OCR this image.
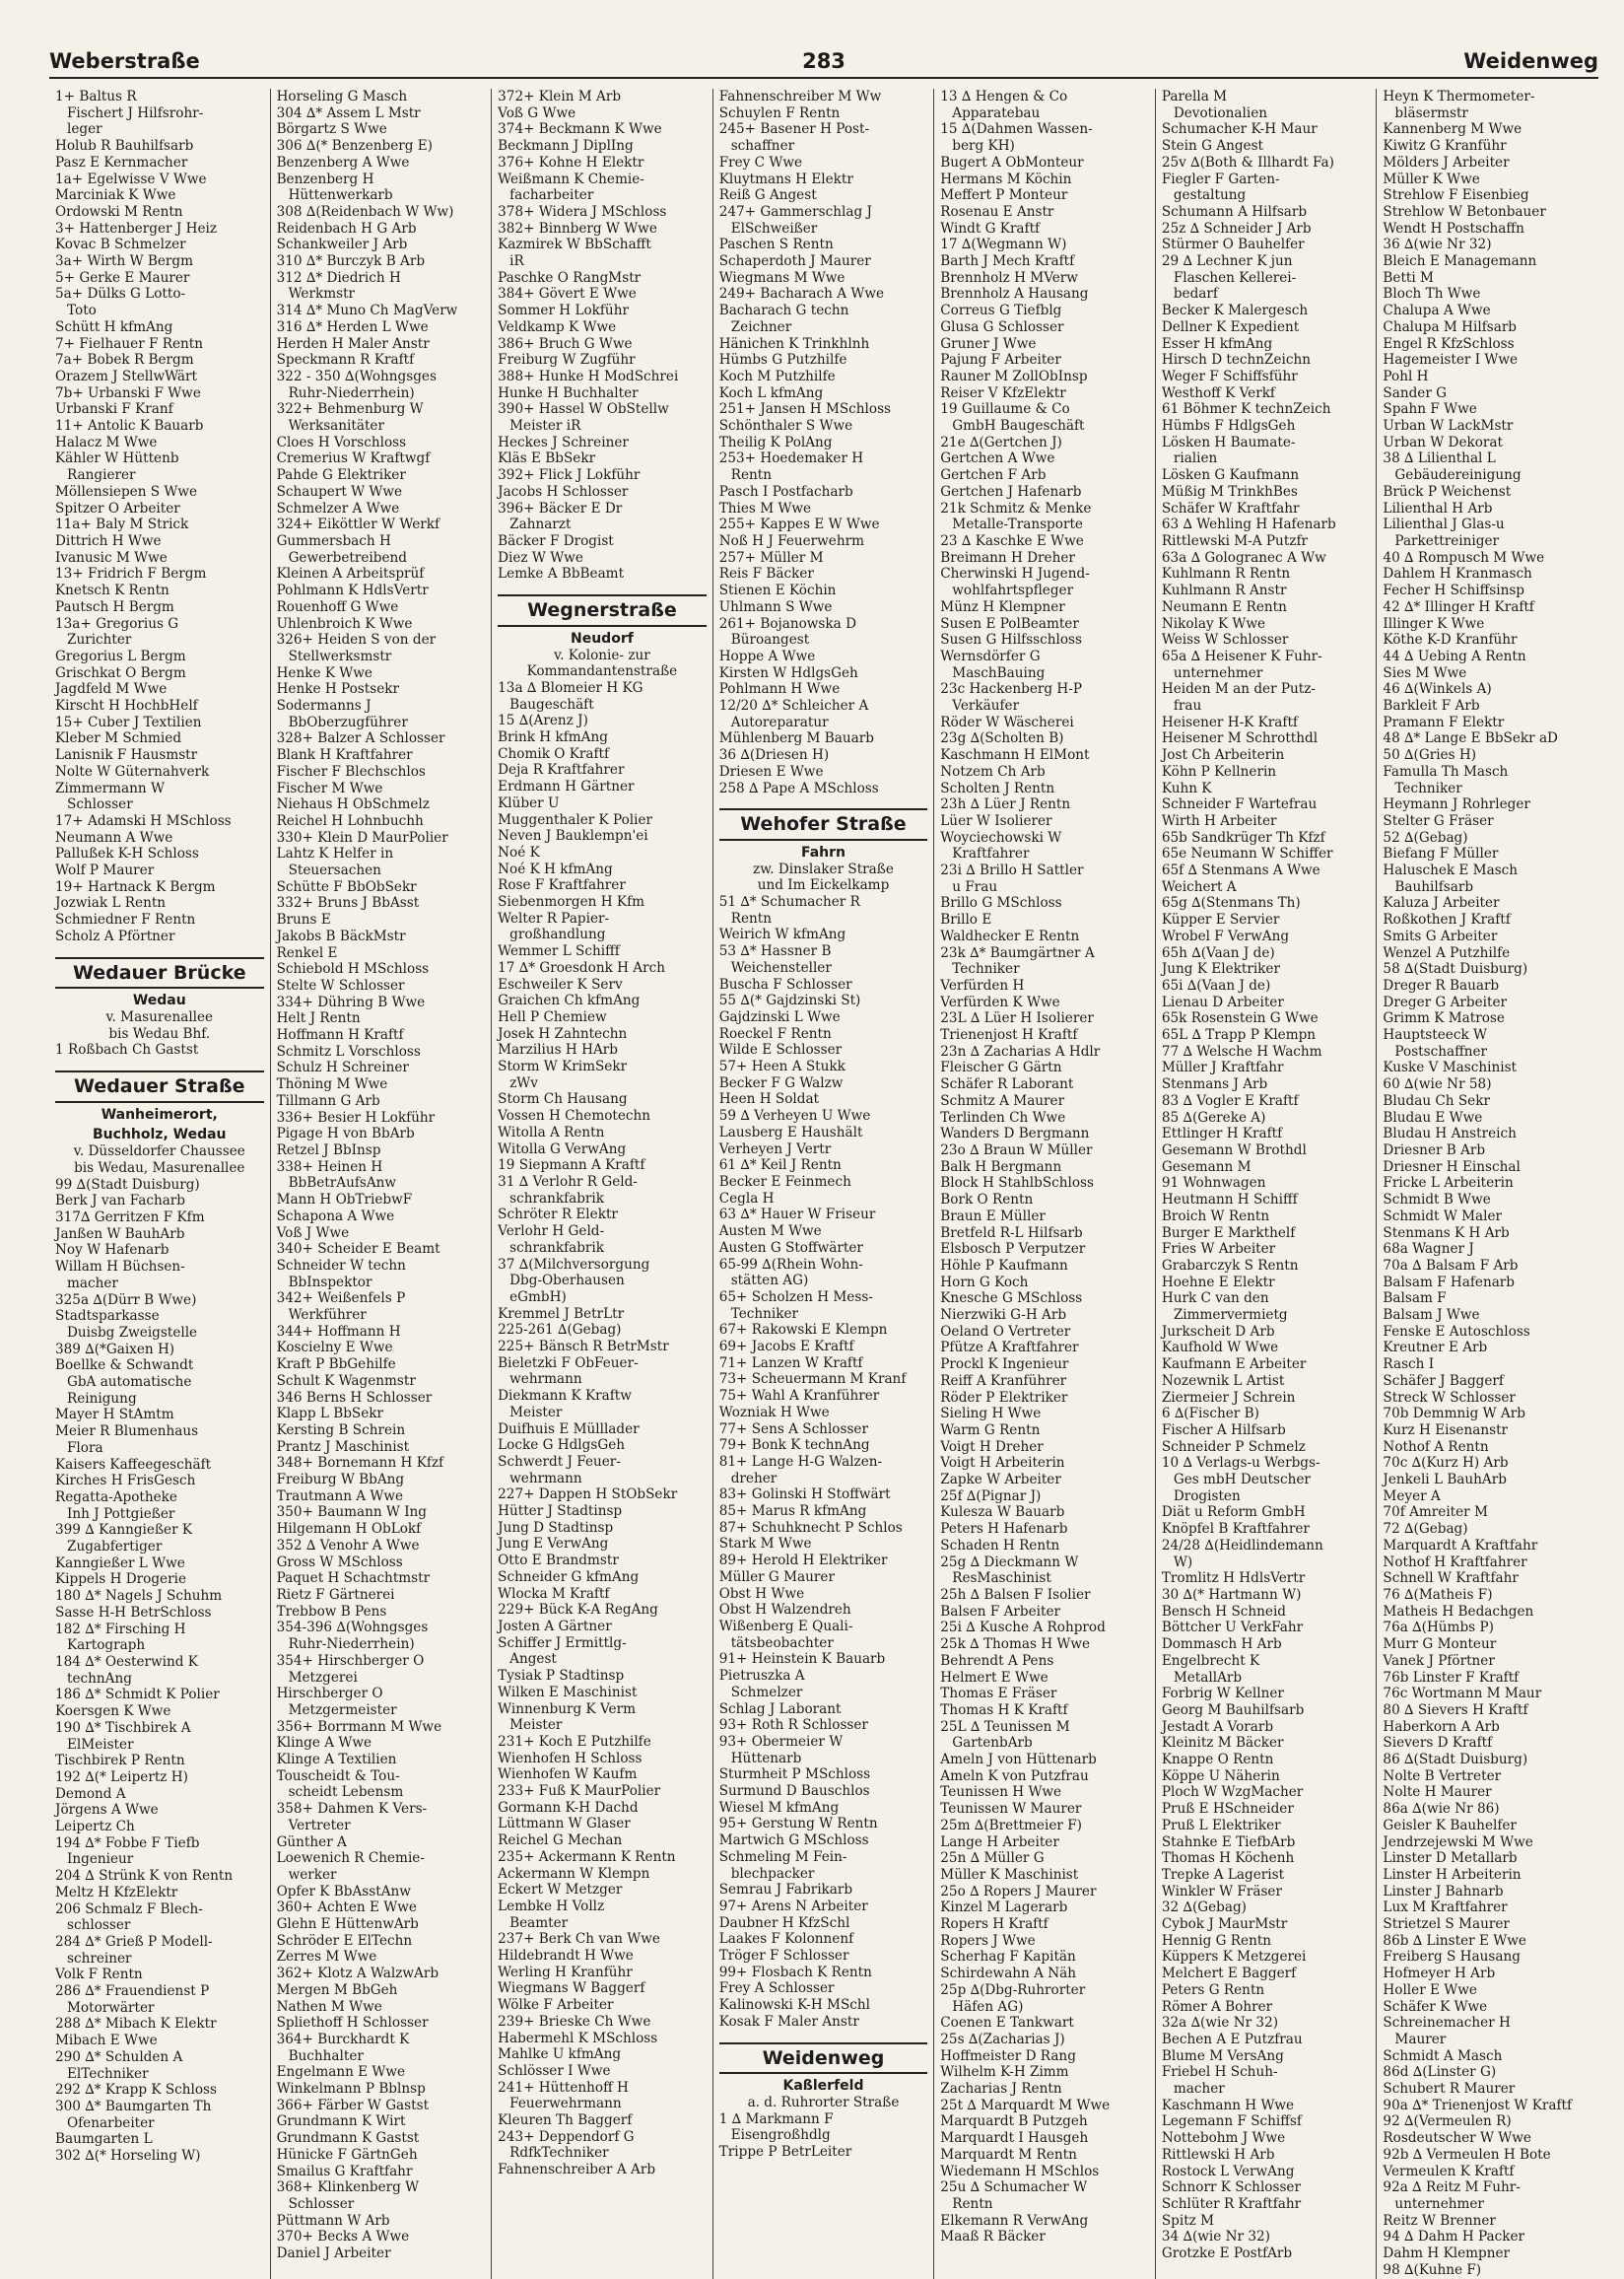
Weberstraße	283	Weidenweg
1+ Baltus R
Fischert J Hilfsrohr-
leger
Holub R Bauhilfsarb
Pasz E Kernmacher
1a+ Egelwisse V Wwe
Marciniak K Wwe
Ordowski M Rentn
3+ Hattenberger J Heiz
Kovac B Schmelzer
3a+ Wirth W Bergm
5+ Gerke E Maurer
5a+ Dülks G Lotto-
Toto
Schütt H kfmAng
7+ Fielhauer F Rentn
7a+ Bobek R Bergm
Orazem J StellwWärt
7b+ Urbanski F Wwe
Urbanski F Kranf
11+ Antolic K Bauarb
Halacz M Wwe
Kähler W Hüttenb
Rangierer
Möllensiepen S Wwe
Spitzer O Arbeiter
11a+ Baly M Strick
Dittrich H Wwe
Ivanusic M Wwe
13+ Fridrich F Bergm
Knetsch K Rentn
Pautsch H Bergm
13a+ Gregorius G
Zurichter
Gregorius L Bergm
Grischkat O Bergm
Jagdfeld M Wwe
Kirscht H HochbHelf
15+ Cuber J Textilien
Kleber M Schmied
Lanisnik F Hausmstr
Nolte W Güternahverk
Zimmermann W
Schlosser
17+ Adamski H MSchloss
Neumann A Wwe
Pallußek K-H Schloss
Wolf P Maurer
19+ Hartnack K Bergm
Jozwiak L Rentn
Schmiedner F Rentn
Scholz A Pförtner
Wedauer Brücke
Wedau
v. Masurenallee
bis Wedau Bhf.
1 Roßbach Ch Gastst
Wedauer Straße
Wanheimerort,
Buchholz, Wedau
v. Düsseldorfer Chaussee
bis Wedau, Masurenallee
99 ∆(Stadt Duisburg)
Berk J van Facharb
317∆ Gerritzen F Kfm
Janßen W BauhArb
Noy W Hafenarb
Willam H Büchsen-
macher
325a ∆(Dürr B Wwe)
Stadtsparkasse
Duisbg Zweigstelle
389 ∆(*Gaixen H)
Boellke & Schwandt
GbA automatische
Reinigung
Mayer H StAmtm
Meier R Blumenhaus
Flora
Kaisers Kaffeegeschäft
Kirches H FrisGesch
Regatta-Apotheke
Inh J Pottgießer
399 ∆ Kanngießer K
Zugabfertiger
Kanngießer L Wwe
Kippels H Drogerie
180 ∆* Nagels J Schuhm
Sasse H-H BetrSchloss
182 ∆* Firsching H
Kartograph
184 ∆* Oesterwind K
technAng
186 ∆* Schmidt K Polier
Koersgen K Wwe
190 ∆* Tischbirek A
ElMeister
Tischbirek P Rentn
192 ∆(* Leipertz H)
Demond A
Jörgens A Wwe
Leipertz Ch
194 ∆* Fobbe F Tiefb
Ingenieur
204 ∆ Strünk K von Rentn
Meltz H KfzElektr
206 Schmalz F Blech-
schlosser
284 ∆* Grieß P Modell-
schreiner
Volk F Rentn
286 ∆* Frauendienst P
Motorwärter
288 ∆* Mibach K Elektr
Mibach E Wwe
290 ∆* Schulden A
ElTechniker
292 ∆* Krapp K Schloss
300 ∆* Baumgarten Th
Ofenarbeiter
Baumgarten L
302 ∆(* Horseling W)
Horseling G Masch
304 ∆* Assem L Mstr
Börgartz S Wwe
306 ∆(* Benzenberg E)
Benzenberg A Wwe
Benzenberg H
Hüttenwerkarb
308 ∆(Reidenbach W Ww)
Reidenbach H G Arb
Schankweiler J Arb
310 ∆* Burczyk B Arb
312 ∆* Diedrich H
Werkmstr
314 ∆* Muno Ch MagVerw
316 ∆* Herden L Wwe
Herden H Maler Anstr
Speckmann R Kraftf
322 - 350 ∆(Wohngsges
Ruhr-Niederrhein)
322+ Behmenburg W
Werksanitäter
Cloes H Vorschloss
Cremerius W Kraftwgf
Pahde G Elektriker
Schaupert W Wwe
Schmelzer A Wwe
324+ Eiköttler W Werkf
Gummersbach H
Gewerbetreibend
Kleinen A Arbeitsprüf
Pohlmann K HdlsVertr
Rouenhoff G Wwe
Uhlenbroich K Wwe
326+ Heiden S von der
Stellwerksmstr
Henke K Wwe
Henke H Postsekr
Sodermanns J
BbOberzugführer
328+ Balzer A Schlosser
Blank H Kraftfahrer
Fischer F Blechschlos
Fischer M Wwe
Niehaus H ObSchmelz
Reichel H Lohnbuchh
330+ Klein D MaurPolier
Lahtz K Helfer in
Steuersachen
Schütte F BbObSekr
332+ Bruns J BbAsst
Bruns E
Jakobs B BäckMstr
Renkel E
Schiebold H MSchloss
Stelte W Schlosser
334+ Dühring B Wwe
Helt J Rentn
Hoffmann H Kraftf
Schmitz L Vorschloss
Schulz H Schreiner
Thöning M Wwe
Tillmann G Arb
336+ Besier H Lokführ
Pigage H von BbArb
Retzel J BbInsp
338+ Heinen H
BbBetrAufsAnw
Mann H ObTriebwF
Schapona A Wwe
Voß J Wwe
340+ Scheider E Beamt
Schneider W techn
BbInspektor
342+ Weißenfels P
Werkführer
344+ Hoffmann H
Koscielny E Wwe
Kraft P BbGehilfe
Schult K Wagenmstr
346 Berns H Schlosser
Klapp L BbSekr
Kersting B Schrein
Prantz J Maschinist
348+ Bornemann H Kfzf
Freiburg W BbAng
Trautmann A Wwe
350+ Baumann W Ing
Hilgemann H ObLokf
352 ∆ Venohr A Wwe
Gross W MSchloss
Paquet H Schachtmstr
Rietz F Gärtnerei
Trebbow B Pens
354-396 ∆(Wohngsges
Ruhr-Niederrhein)
354+ Hirschberger O
Metzgerei
Hirschberger O
Metzgermeister
356+ Borrmann M Wwe
Klinge A Wwe
Klinge A Textilien
Touscheidt & Tou-
scheidt Lebensm
358+ Dahmen K Vers-
Vertreter
Günther A
Loewenich R Chemie-
werker
Opfer K BbAsstAnw
360+ Achten E Wwe
Glehn E HüttenwArb
Schröder E ElTechn
Zerres M Wwe
362+ Klotz A WalzwArb
Mergen M BbGeh
Nathen M Wwe
Spliethoff H Schlosser
364+ Burckhardt K
Buchhalter
Engelmann E Wwe
Winkelmann P Bblnsp
366+ Färber W Gastst
Grundmann K Wirt
Grundmann K Gastst
Hünicke F GärtnGeh
Smailus G Kraftfahr
368+ Klinkenberg W
Schlosser
Püttmann W Arb
370+ Becks A Wwe
Daniel J Arbeiter
372+ Klein M Arb
Voß G Wwe
374+ Beckmann K Wwe
Beckmann J DiplIng
376+ Kohne H Elektr
Weißmann K Chemie-
facharbeiter
378+ Widera J MSchloss
382+ Binnberg W Wwe
Kazmirek W BbSchafft
iR
Paschke O RangMstr
384+ Gövert E Wwe
Sommer H Lokführ
Veldkamp K Wwe
386+ Bruch G Wwe
Freiburg W Zugführ
388+ Hunke H ModSchrei
Hunke H Buchhalter
390+ Hassel W ObStellw
Meister iR
Heckes J Schreiner
Kläs E BbSekr
392+ Flick J Lokführ
Jacobs H Schlosser
396+ Bäcker E Dr
Zahnarzt
Bäcker F Drogist
Diez W Wwe
Lemke A BbBeamt
Wegnerstraße
Neudorf
v. Kolonie- zur
Kommandantenstraße
13a ∆ Blomeier H KG
Baugeschäft
15 ∆(Arenz J)
Brink H kfmAng
Chomik O Kraftf
Deja R Kraftfahrer
Erdmann H Gärtner
Klüber U
Muggenthaler K Polier
Neven J Bauklempn'ei
Noé K
Noé K H kfmAng
Rose F Kraftfahrer
Siebenmorgen H Kfm
Welter R Papier-
großhandlung
Wemmer L Schifff
17 ∆* Groesdonk H Arch
Eschweiler K Serv
Graichen Ch kfmAng
Hell P Chemiew
Josek H Zahntechn
Marzilius H HArb
Storm W KrimSekr
zWv
Storm Ch Hausang
Vossen H Chemotechn
Witolla A Rentn
Witolla G VerwAng
19 Siepmann A Kraftf
31 ∆ Verlohr R Geld-
schrankfabrik
Schröter R Elektr
Verlohr H Geld-
schrankfabrik
37 ∆(Milchversorgung
Dbg-Oberhausen
eGmbH)
Kremmel J BetrLtr
225-261 ∆(Gebag)
225+ Bänsch R BetrMstr
Bieletzki F ObFeuer-
wehrmann
Diekmann K Kraftw
Meister
Duifhuis E Mülllader
Locke G HdlgsGeh
Schwerdt J Feuer-
wehrmann
227+ Dappen H StObSekr
Hütter J Stadtinsp
Jung D Stadtinsp
Jung E VerwAng
Otto E Brandmstr
Schneider G kfmAng
Wlocka M Kraftf
229+ Bück K-A RegAng
Josten A Gärtner
Schiffer J Ermittlg-
Angest
Tysiak P Stadtinsp
Wilken E Maschinist
Winnenburg K Verm
Meister
231+ Koch E Putzhilfe
Wienhofen H Schloss
Wienhofen W Kaufm
233+ Fuß K MaurPolier
Gormann K-H Dachd
Lüttmann W Glaser
Reichel G Mechan
235+ Ackermann K Rentn
Ackermann W Klempn
Eckert W Metzger
Lembke H Vollz
Beamter
237+ Berk Ch van Wwe
Hildebrandt H Wwe
Werling H Kranführ
Wiegmans W Baggerf
Wölke F Arbeiter
239+ Brieske Ch Wwe
Habermehl K MSchloss
Mahlke U kfmAng
Schlösser I Wwe
241+ Hüttenhoff H
Feuerwehrmann
Kleuren Th Baggerf
243+ Deppendorf G
RdfkTechniker
Fahnenschreiber A Arb
Fahnenschreiber M Ww
Schuylen F Rentn
245+ Basener H Post-
schaffner
Frey C Wwe
Kluytmans H Elektr
Reiß G Angest
247+ Gammerschlag J
ElSchweißer
Paschen S Rentn
Schaperdoth J Maurer
Wiegmans M Wwe
249+ Bacharach A Wwe
Bacharach G techn
Zeichner
Hänichen K Trinkhlnh
Hümbs G Putzhilfe
Koch M Putzhilfe
Koch L kfmAng
251+ Jansen H MSchloss
Schönthaler S Wwe
Theilig K PolAng
253+ Hoedemaker H
Rentn
Pasch I Postfacharb
Thies M Wwe
255+ Kappes E W Wwe
Noß H J Feuerwehrm
257+ Müller M
Reis F Bäcker
Stienen E Köchin
Uhlmann S Wwe
261+ Bojanowska D
Büroangest
Hoppe A Wwe
Kirsten W HdlgsGeh
Pohlmann H Wwe
12/20 ∆* Schleicher A
Autoreparatur
Mühlenberg M Bauarb
36 ∆(Driesen H)
Driesen E Wwe
258 ∆ Pape A MSchloss
Wehofer Straße
Fahrn
zw. Dinslaker Straße
und Im Eickelkamp
51 ∆* Schumacher R
Rentn
Weirich W kfmAng
53 ∆* Hassner B
Weichensteller
Buscha F Schlosser
55 ∆(* Gajdzinski St)
Gajdzinski L Wwe
Roeckel F Rentn
Wilde E Schlosser
57+ Heen A Stukk
Becker F G Walzw
Heen H Soldat
59 ∆ Verheyen U Wwe
Lausberg E Haushält
Verheyen J Vertr
61 ∆* Keil J Rentn
Becker E Feinmech
Cegla H
63 ∆* Hauer W Friseur
Austen M Wwe
Austen G Stoffwärter
65-99 ∆(Rhein Wohn-
stätten AG)
65+ Scholzen H Mess-
Techniker
67+ Rakowski E Klempn
69+ Jacobs E Kraftf
71+ Lanzen W Kraftf
73+ Scheuermann M Kranf
75+ Wahl A Kranführer
Wozniak H Wwe
77+ Sens A Schlosser
79+ Bonk K technAng
81+ Lange H-G Walzen-
dreher
83+ Golinski H Stoffwärt
85+ Marus R kfmAng
87+ Schuhknecht P Schlos
Stark M Wwe
89+ Herold H Elektriker
Müller G Maurer
Obst H Wwe
Obst H Walzendreh
Wißenberg E Quali-
tätsbeobachter
91+ Heinstein K Bauarb
Pietruszka A
Schmelzer
Schlag J Laborant
93+ Roth R Schlosser
93+ Obermeier W
Hüttenarb
Sturmheit P MSchloss
Surmund D Bauschlos
Wiesel M kfmAng
95+ Gerstung W Rentn
Martwich G MSchloss
Schmeling M Fein-
blechpacker
Semrau J Fabrikarb
97+ Arens N Arbeiter
Daubner H KfzSchl
Laakes F Kolonnenf
Tröger F Schlosser
99+ Flosbach K Rentn
Frey A Schlosser
Kalinowski K-H MSchl
Kosak F Maler Anstr
Weidenweg
Kaßlerfeld
a. d. Ruhrorter Straße
1 ∆ Markmann F
Eisengroßhdlg
Trippe P BetrLeiter
13 ∆ Hengen & Co
Apparatebau
15 ∆(Dahmen Wassen-
berg KH)
Bugert A ObMonteur
Hermans M Köchin
Meffert P Monteur
Rosenau E Anstr
Windt G Kraftf
17 ∆(Wegmann W)
Barth J Mech Kraftf
Brennholz H MVerw
Brennholz A Hausang
Correus G Tiefblg
Glusa G Schlosser
Gruner J Wwe
Pajung F Arbeiter
Rauner M ZollObInsp
Reiser V KfzElektr
19 Guillaume & Co
GmbH Baugeschäft
21e ∆(Gertchen J)
Gertchen A Wwe
Gertchen F Arb
Gertchen J Hafenarb
21k Schmitz & Menke
Metalle-Transporte
23 ∆ Kaschke E Wwe
Breimann H Dreher
Cherwinski H Jugend-
wohlfahrtspfleger
Münz H Klempner
Susen E PolBeamter
Susen G Hilfsschloss
Wernsdörfer G
MaschBauing
23c Hackenberg H-P
Verkäufer
Röder W Wäscherei
23g ∆(Scholten B)
Kaschmann H ElMont
Notzem Ch Arb
Scholten J Rentn
23h ∆ Lüer J Rentn
Lüer W Isolierer
Woyciechowski W
Kraftfahrer
23i ∆ Brillo H Sattler
u Frau
Brillo G MSchloss
Brillo E
Waldhecker E Rentn
23k ∆* Baumgärtner A
Techniker
Verfürden H
Verfürden K Wwe
23L ∆ Lüer H Isolierer
Trienenjost H Kraftf
23n ∆ Zacharias A Hdlr
Fleischer G Gärtn
Schäfer R Laborant
Schmitz A Maurer
Terlinden Ch Wwe
Wanders D Bergmann
23o ∆ Braun W Müller
Balk H Bergmann
Block H StahlbSchloss
Bork O Rentn
Braun E Müller
Bretfeld R-L Hilfsarb
Elsbosch P Verputzer
Höhle P Kaufmann
Horn G Koch
Knesche G MSchloss
Nierzwiki G-H Arb
Oeland O Vertreter
Pfütze A Kraftfahrer
Prockl K Ingenieur
Reiff A Kranführer
Röder P Elektriker
Sieling H Wwe
Warm G Rentn
Voigt H Dreher
Voigt H Arbeiterin
Zapke W Arbeiter
25f ∆(Pignar J)
Kulesza W Bauarb
Peters H Hafenarb
Schaden H Rentn
25g ∆ Dieckmann W
ResMaschinist
25h ∆ Balsen F Isolier
Balsen F Arbeiter
25i ∆ Kusche A Rohprod
25k ∆ Thomas H Wwe
Behrendt A Pens
Helmert E Wwe
Thomas E Fräser
Thomas H K Kraftf
25L ∆ Teunissen M
GartenbArb
Ameln J von Hüttenarb
Ameln K von Putzfrau
Teunissen H Wwe
Teunissen W Maurer
25m ∆(Brettmeier F)
Lange H Arbeiter
25n ∆ Müller G
Müller K Maschinist
25o ∆ Ropers J Maurer
Kinzel M Lagerarb
Ropers H Kraftf
Ropers J Wwe
Scherhag F Kapitän
Schirdewahn A Näh
25p ∆(Dbg-Ruhrorter
Häfen AG)
Coenen E Tankwart
25s ∆(Zacharias J)
Hoffmeister D Rang
Wilhelm K-H Zimm
Zacharias J Rentn
25t ∆ Marquardt M Wwe
Marquardt B Putzgeh
Marquardt I Hausgeh
Marquardt M Rentn
Wiedemann H MSchlos
25u ∆ Schumacher W
Rentn
Elkemann R VerwAng
Maaß R Bäcker
Parella M
Devotionalien
Schumacher K-H Maur
Stein G Angest
25v ∆(Both & Illhardt Fa)
Fiegler F Garten-
gestaltung
Schumann A Hilfsarb
25z ∆ Schneider J Arb
Stürmer O Bauhelfer
29 ∆ Lechner K jun
Flaschen Kellerei-
bedarf
Becker K Malergesch
Dellner K Expedient
Esser H kfmAng
Hirsch D technZeichn
Weger F Schiffsführ
Westhoff K Verkf
61 Böhmer K technZeich
Hümbs F HdlgsGeh
Lösken H Baumate-
rialien
Lösken G Kaufmann
Müßig M TrinkhBes
Schäfer W Kraftfahr
63 ∆ Wehling H Hafenarb
Rittlewski M-A Putzfr
63a ∆ Gologranec A Ww
Kuhlmann R Rentn
Kuhlmann R Anstr
Neumann E Rentn
Nikolay K Wwe
Weiss W Schlosser
65a ∆ Heisener K Fuhr-
unternehmer
Heiden M an der Putz-
frau
Heisener H-K Kraftf
Heisener M Schrotthdl
Jost Ch Arbeiterin
Köhn P Kellnerin
Kuhn K
Schneider F Wartefrau
Wirth H Arbeiter
65b Sandkrüger Th Kfzf
65e Neumann W Schiffer
65f ∆ Stenmans A Wwe
Weichert A
65g ∆(Stenmans Th)
Küpper E Servier
Wrobel F VerwAng
65h ∆(Vaan J de)
Jung K Elektriker
65i ∆(Vaan J de)
Lienau D Arbeiter
65k Rosenstein G Wwe
65L ∆ Trapp P Klempn
77 ∆ Welsche H Wachm
Müller J Kraftfahr
Stenmans J Arb
83 ∆ Vogler E Kraftf
85 ∆(Gereke A)
Ettlinger H Kraftf
Gesemann W Brothdl
Gesemann M
91 Wohnwagen
Heutmann H Schifff
Broich W Rentn
Burger E Markthelf
Fries W Arbeiter
Grabarczyk S Rentn
Hoehne E Elektr
Hurk C van den
Zimmervermietg
Jurkscheit D Arb
Kaufhold W Wwe
Kaufmann E Arbeiter
Nozewnik L Artist
Ziermeier J Schrein
6 ∆(Fischer B)
Fischer A Hilfsarb
Schneider P Schmelz
10 ∆ Verlags-u Werbgs-
Ges mbH Deutscher
Drogisten
Diät u Reform GmbH
Knöpfel B Kraftfahrer
24/28 ∆(Heidlindemann
W)
Tromlitz H HdlsVertr
30 ∆(* Hartmann W)
Bensch H Schneid
Böttcher U VerkFahr
Dommasch H Arb
Engelbrecht K
MetallArb
Forbrig W Kellner
Georg M Bauhilfsarb
Jestadt A Vorarb
Kleinitz M Bäcker
Knappe O Rentn
Köppe U Näherin
Ploch W WzgMacher
Pruß E HSchneider
Pruß L Elektriker
Stahnke E TiefbArb
Thomas H Köchenh
Trepke A Lagerist
Winkler W Fräser
32 ∆(Gebag)
Cybok J MaurMstr
Hennig G Rentn
Küppers K Metzgerei
Melchert E Baggerf
Peters G Rentn
Römer A Bohrer
32a ∆(wie Nr 32)
Bechen A E Putzfrau
Blume M VersAng
Friebel H Schuh-
macher
Kaschmann H Wwe
Legemann F Schiffsf
Nottebohm J Wwe
Rittlewski H Arb
Rostock L VerwAng
Schnorr K Schlosser
Schlüter R Kraftfahr
Spitz M
34 ∆(wie Nr 32)
Grotzke E PostfArb
Heyn K Thermometer-
bläsermstr
Kannenberg M Wwe
Kiwitz G Kranführ
Mölders J Arbeiter
Müller K Wwe
Strehlow F Eisenbieg
Strehlow W Betonbauer
Wendt H Postschaffn
36 ∆(wie Nr 32)
Bleich E Managemann
Betti M
Bloch Th Wwe
Chalupa A Wwe
Chalupa M Hilfsarb
Engel R KfzSchloss
Hagemeister I Wwe
Pohl H
Sander G
Spahn F Wwe
Urban W LackMstr
Urban W Dekorat
38 ∆ Lilienthal L
Gebäudereinigung
Brück P Weichenst
Lilienthal H Arb
Lilienthal J Glas-u
Parkettreiniger
40 ∆ Rompusch M Wwe
Dahlem H Kranmasch
Fecher H Schiffsinsp
42 ∆* Illinger H Kraftf
Illinger K Wwe
Köthe K-D Kranführ
44 ∆ Uebing A Rentn
Sies M Wwe
46 ∆(Winkels A)
Barkleit F Arb
Pramann F Elektr
48 ∆* Lange E BbSekr aD
50 ∆(Gries H)
Famulla Th Masch
Techniker
Heymann J Rohrleger
Stelter G Fräser
52 ∆(Gebag)
Biefang F Müller
Haluschek E Masch
Bauhilfsarb
Kaluza J Arbeiter
Roßkothen J Kraftf
Smits G Arbeiter
Wenzel A Putzhilfe
58 ∆(Stadt Duisburg)
Dreger R Bauarb
Dreger G Arbeiter
Grimm K Matrose
Hauptsteeck W
Postschaffner
Kuske V Maschinist
60 ∆(wie Nr 58)
Bludau Ch Sekr
Bludau E Wwe
Bludau H Anstreich
Driesner B Arb
Driesner H Einschal
Fricke L Arbeiterin
Schmidt B Wwe
Schmidt W Maler
Stenmans K H Arb
68a Wagner J
70a ∆ Balsam F Arb
Balsam F Hafenarb
Balsam F
Balsam J Wwe
Fenske E Autoschloss
Kreutner E Arb
Rasch I
Schäfer J Baggerf
Streck W Schlosser
70b Demmnig W Arb
Kurz H Eisenanstr
Nothof A Rentn
70c ∆(Kurz H) Arb
Jenkeli L BauhArb
Meyer A
70f Amreiter M
72 ∆(Gebag)
Marquardt A Kraftfahr
Nothof H Kraftfahrer
Schnell W Kraftfahr
76 ∆(Matheis F)
Matheis H Bedachgen
76a ∆(Hümbs P)
Murr G Monteur
Vanek J Pförtner
76b Linster F Kraftf
76c Wortmann M Maur
80 ∆ Sievers H Kraftf
Haberkorn A Arb
Sievers D Kraftf
86 ∆(Stadt Duisburg)
Nolte B Vertreter
Nolte H Maurer
86a ∆(wie Nr 86)
Geisler K Bauhelfer
Jendrzejewski M Wwe
Linster D Metallarb
Linster H Arbeiterin
Linster J Bahnarb
Lux M Kraftfahrer
Strietzel S Maurer
86b ∆ Linster E Wwe
Freiberg S Hausang
Hofmeyer H Arb
Holler E Wwe
Schäfer K Wwe
Schreinemacher H
Maurer
Schmidt A Masch
86d ∆(Linster G)
Schubert R Maurer
90a ∆* Trienenjost W Kraftf
92 ∆(Vermeulen R)
Rosdeutscher W Wwe
92b ∆ Vermeulen H Bote
Vermeulen K Kraftf
92a ∆ Reitz M Fuhr-
unternehmer
Reitz W Brenner
94 ∆ Dahm H Packer
Dahm H Klempner
98 ∆(Kuhne F)
